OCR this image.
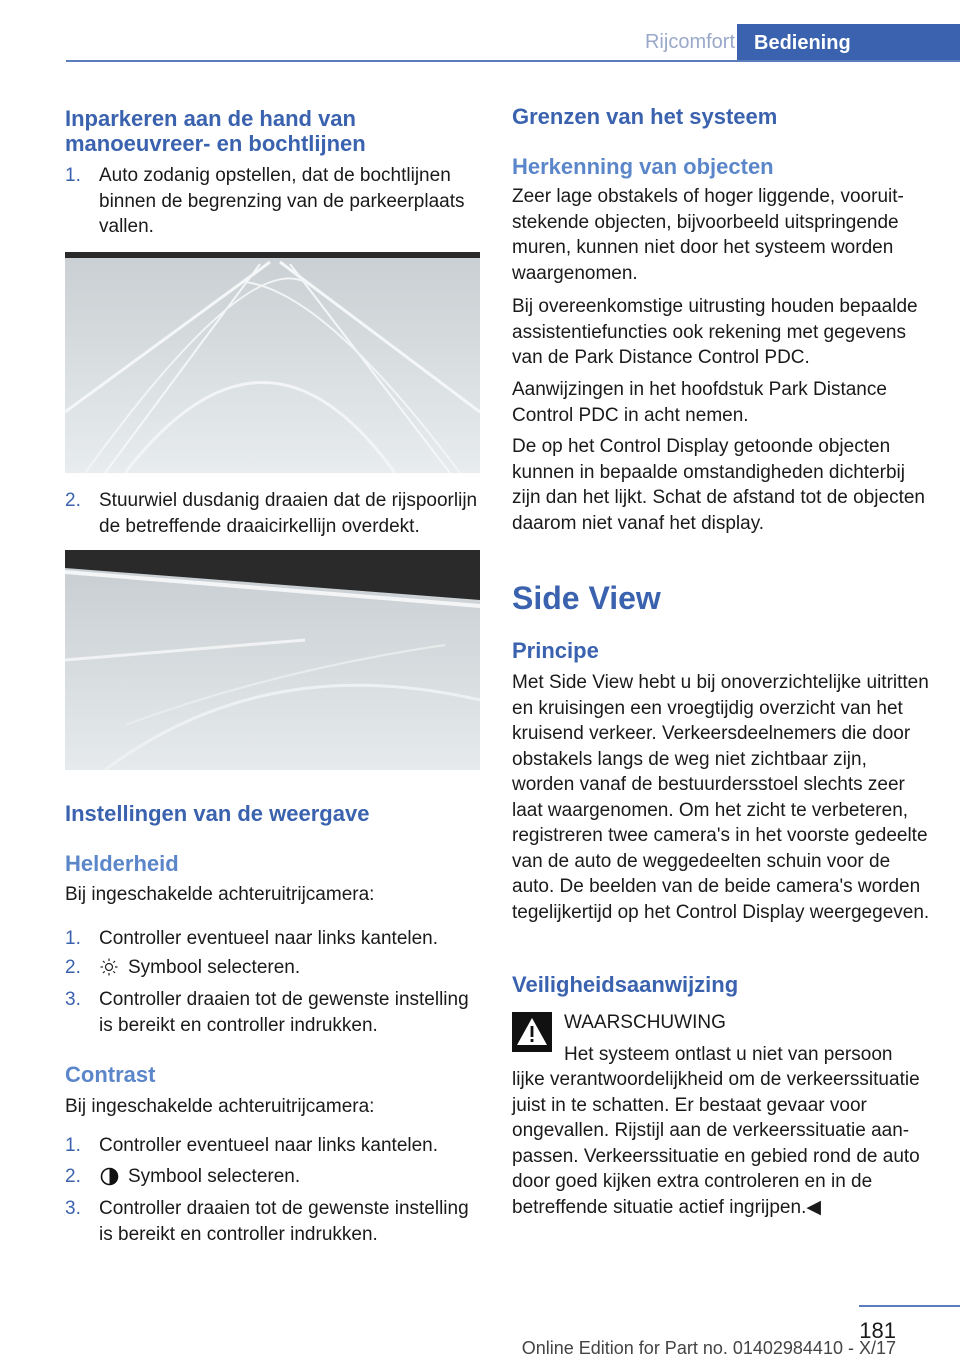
Rijcomfort Bediening
Inparkeren aan de hand van manoeuvreer- en bochtlijnen
1. Auto zodanig opstellen, dat de bochtlijnen binnen de begrenzing van de parkeerplaats vallen.
2. Stuurwiel dusdanig draaien dat de rijspoorlijn de betreffende draaicirkellijn overdekt.
Instellingen van de weergave
Helderheid
Bij ingeschakelde achteruitrijcamera:
1. Controller eventueel naar links kantelen.
2. Symbool selecteren.
3. Controller draaien tot de gewenste instelling is bereikt en controller indrukken.
Contrast
Bij ingeschakelde achteruitrijcamera:
1. Controller eventueel naar links kantelen.
2. Symbool selecteren.
3. Controller draaien tot de gewenste instelling is bereikt en controller indrukken.
Grenzen van het systeem
Herkenning van objecten
Zeer lage obstakels of hoger liggende, vooruitstekende objecten, bijvoorbeeld uitspringende muren, kunnen niet door het systeem worden waargenomen.
Bij overeenkomstige uitrusting houden bepaalde assistentiefuncties ook rekening met gegevens van de Park Distance Control PDC.
Aanwijzingen in het hoofdstuk Park Distance Control PDC in acht nemen.
De op het Control Display getoonde objecten kunnen in bepaalde omstandigheden dichterbij zijn dan het lijkt. Schat de afstand tot de objecten daarom niet vanaf het display.
Side View
Principe
Met Side View hebt u bij onoverzichtelijke uitritten en kruisingen een vroegtijdig overzicht van het kruisend verkeer. Verkeersdeelnemers die door obstakels langs de weg niet zichtbaar zijn, worden vanaf de bestuurdersstoel slechts zeer laat waargenomen. Om het zicht te verbeteren, registreren twee camera's in het voorste gedeelte van de auto de weggedeelten schuin voor de auto. De beelden van de beide camera's worden tegelijkertijd op het Control Display weergegeven.
Veiligheidsaanwijzing
WAARSCHUWING
Het systeem ontlast u niet van persoon
lijke verantwoordelijkheid om de verkeerssituatie juist in te schatten. Er bestaat gevaar voor ongevallen. Rijstijl aan de verkeerssituatie aanpassen. Verkeerssituatie en gebied rond de auto door goed kijken extra controleren en in de betreffende situatie actief ingrijpen.◀
181
Online Edition for Part no. 01402984410 - X/17
